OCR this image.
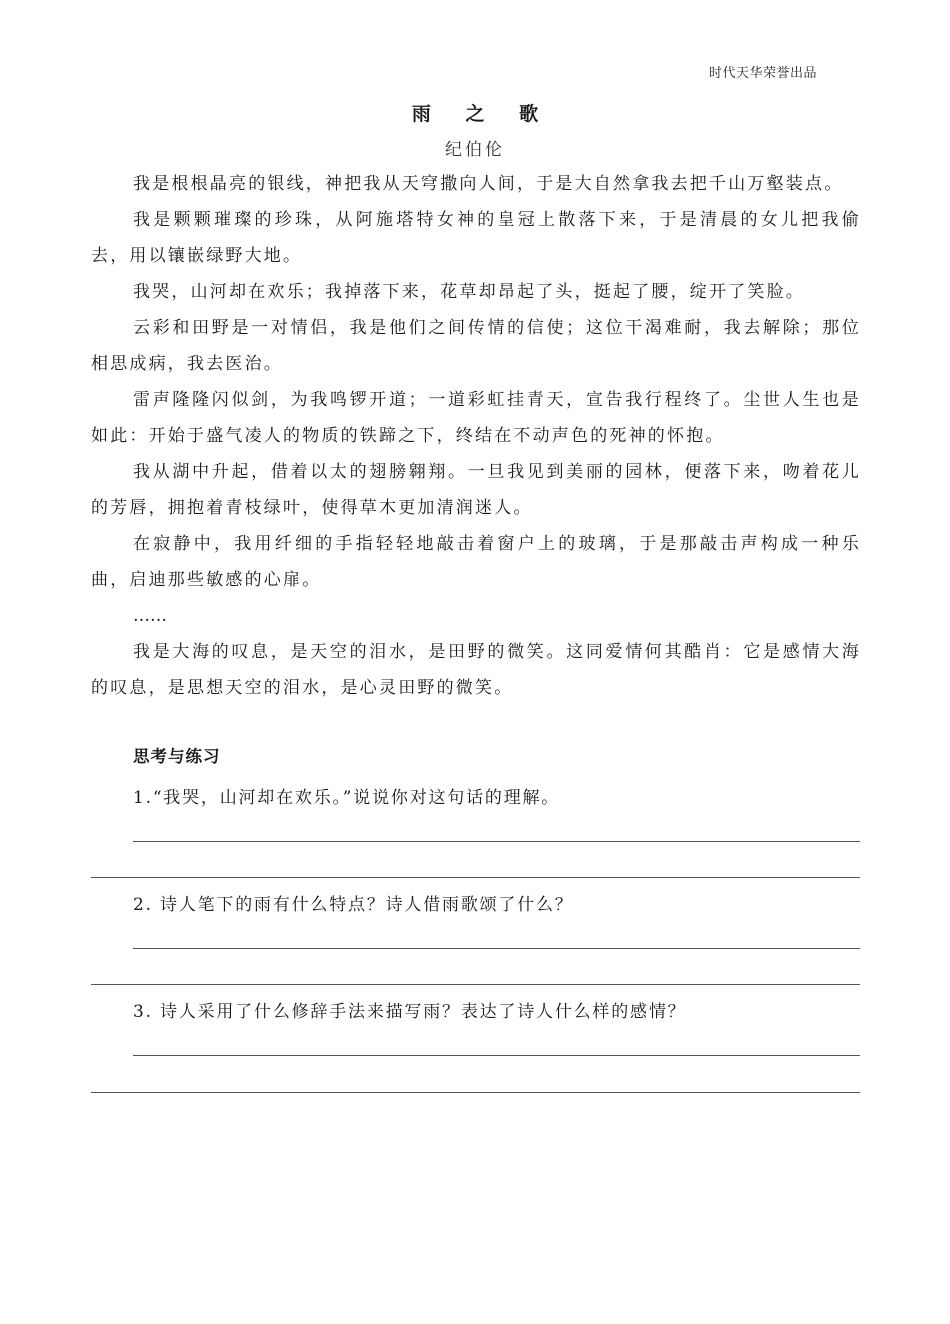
时代天华荣誉出品
雨 之 歌
纪伯伦

我是根根晶亮的银线，神把我从天穹撒向人间，于是大自然拿我去把千山万壑装点。

我是颗颗璀璨的珍珠，从阿施塔特女神的皇冠上散落下来，于是清晨的女儿把我偷去，用以镶嵌绿野大地。

我哭，山河却在欢乐；我掉落下来，花草却昂起了头，挺起了腰，绽开了笑脸。

云彩和田野是一对情侣，我是他们之间传情的信使；这位干渴难耐，我去解除；那位相思成病，我去医治。

雷声隆隆闪似剑，为我鸣锣开道；一道彩虹挂青天，宣告我行程终了。尘世人生也是如此：开始于盛气凌人的物质的铁蹄之下，终结在不动声色的死神的怀抱。

我从湖中升起，借着以太的翅膀翱翔。一旦我见到美丽的园林，便落下来，吻着花儿的芳唇，拥抱着青枝绿叶，使得草木更加清润迷人。

在寂静中，我用纤细的手指轻轻地敲击着窗户上的玻璃，于是那敲击声构成一种乐曲，启迪那些敏感的心扉。

……

我是大海的叹息，是天空的泪水，是田野的微笑。这同爱情何其酷肖：它是感情大海的叹息，是思想天空的泪水，是心灵田野的微笑。

思考与练习
1.“我哭，山河却在欢乐。”说说你对这句话的理解。
2. 诗人笔下的雨有什么特点？诗人借雨歌颂了什么？
3. 诗人采用了什么修辞手法来描写雨？表达了诗人什么样的感情？
